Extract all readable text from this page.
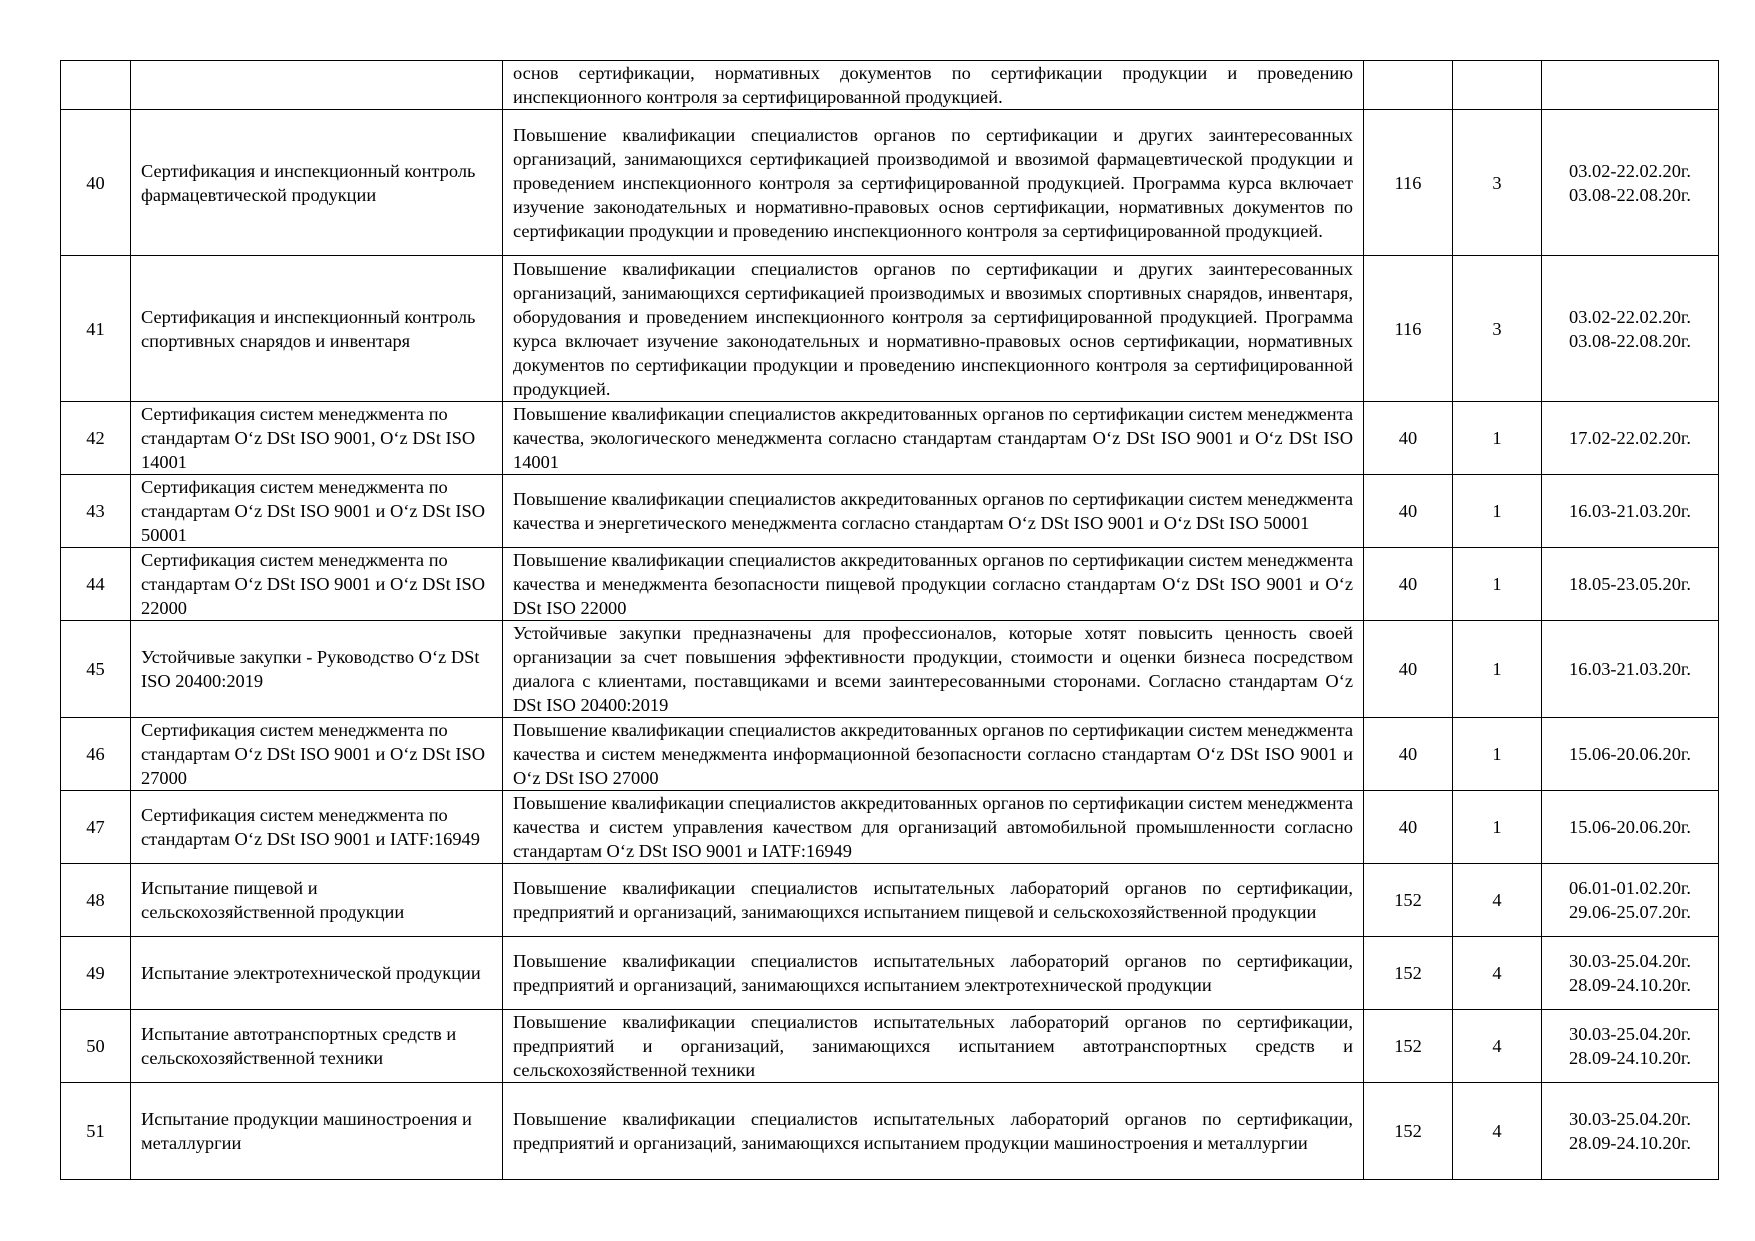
		основ сертификации, нормативных документов по сертификации продукции и проведению инспекционного контроля за сертифицированной продукцией.			
40	Сертификация и инспекционный контроль фармацевтической продукции	Повышение квалификации специалистов органов по сертификации и других заинтересованных организаций, занимающихся сертификацией производимой и ввозимой фармацевтической продукции и проведением инспекционного контроля за сертифицированной продукцией. Программа курса включает изучение законодательных и нормативно-правовых основ сертификации, нормативных документов по сертификации продукции и проведению инспекционного контроля за сертифицированной продукцией.	116	3	03.02-22.02.20г.
03.08-22.08.20г.

41	Сертификация и инспекционный контроль спортивных снарядов и инвентаря	Повышение квалификации специалистов органов по сертификации и других заинтересованных организаций, занимающихся сертификацией производимых и ввозимых спортивных снарядов, инвентаря, оборудования и проведением инспекционного контроля за сертифицированной продукцией. Программа курса включает изучение законодательных и нормативно-правовых основ сертификации, нормативных документов по сертификации продукции и проведению инспекционного контроля за сертифицированной продукцией.	116	3	03.02-22.02.20г.
03.08-22.08.20г.

42	Сертификация систем менеджмента по стандартам O‘z DSt ISO 9001, O‘z DSt ISO 14001	Повышение квалификации специалистов аккредитованных органов по сертификации систем менеджмента качества, экологического менеджмента согласно стандартам стандартам O‘z DSt ISO 9001 и O‘z DSt ISO 14001	40	1	17.02-22.02.20г.

43	Сертификация систем менеджмента по стандартам O‘z DSt ISO 9001 и O‘z DSt ISO 50001	Повышение квалификации специалистов аккредитованных органов по сертификации систем менеджмента качества и энергетического менеджмента согласно стандартам O‘z DSt ISO 9001 и O‘z DSt ISO 50001	40	1	16.03-21.03.20г.

44	Сертификация систем менеджмента по стандартам O‘z DSt ISO 9001 и O‘z DSt ISO 22000	Повышение квалификации специалистов аккредитованных органов по сертификации систем менеджмента качества и менеджмента безопасности пищевой продукции согласно стандартам O‘z DSt ISO 9001 и O‘z DSt ISO 22000	40	1	18.05-23.05.20г.

45	Устойчивые закупки - Руководство O‘z DSt ISO 20400:2019	Устойчивые закупки предназначены для профессионалов, которые хотят повысить ценность своей организации за счет повышения эффективности продукции, стоимости и оценки бизнеса посредством диалога с клиентами, поставщиками и всеми заинтересованными сторонами. Согласно стандартам O‘z DSt ISO 20400:2019	40	1	16.03-21.03.20г.

46	Сертификация систем менеджмента по стандартам O‘z DSt ISO 9001 и O‘z DSt ISO 27000	Повышение квалификации специалистов аккредитованных органов по сертификации систем менеджмента качества и систем менеджмента информационной безопасности согласно стандартам O‘z DSt ISO 9001 и O‘z DSt ISO 27000	40	1	15.06-20.06.20г.

47	Сертификация систем менеджмента по стандартам O‘z DSt ISO 9001 и IATF:16949	Повышение квалификации специалистов аккредитованных органов по сертификации систем менеджмента качества и систем управления качеством для организаций автомобильной промышленности согласно стандартам O‘z DSt ISO 9001 и IATF:16949	40	1	15.06-20.06.20г.

48	Испытание пищевой и сельскохозяйственной продукции	Повышение квалификации специалистов испытательных лабораторий органов по сертификации, предприятий и организаций, занимающихся испытанием пищевой и сельскохозяйственной продукции	152	4	06.01-01.02.20г.
29.06-25.07.20г.

49	Испытание электротехнической продукции	Повышение квалификации специалистов испытательных лабораторий органов по сертификации, предприятий и организаций, занимающихся испытанием электротехнической продукции	152	4	30.03-25.04.20г.
28.09-24.10.20г.

50	Испытание автотранспортных средств и сельскохозяйственной техники	Повышение квалификации специалистов испытательных лабораторий органов по сертификации, предприятий и организаций, занимающихся испытанием автотранспортных средств и сельскохозяйственной техники	152	4	30.03-25.04.20г.
28.09-24.10.20г.

51	Испытание продукции машиностроения и металлургии	Повышение квалификации специалистов испытательных лабораторий органов по сертификации, предприятий и организаций, занимающихся испытанием продукции машиностроения и металлургии	152	4	30.03-25.04.20г.
28.09-24.10.20г.
